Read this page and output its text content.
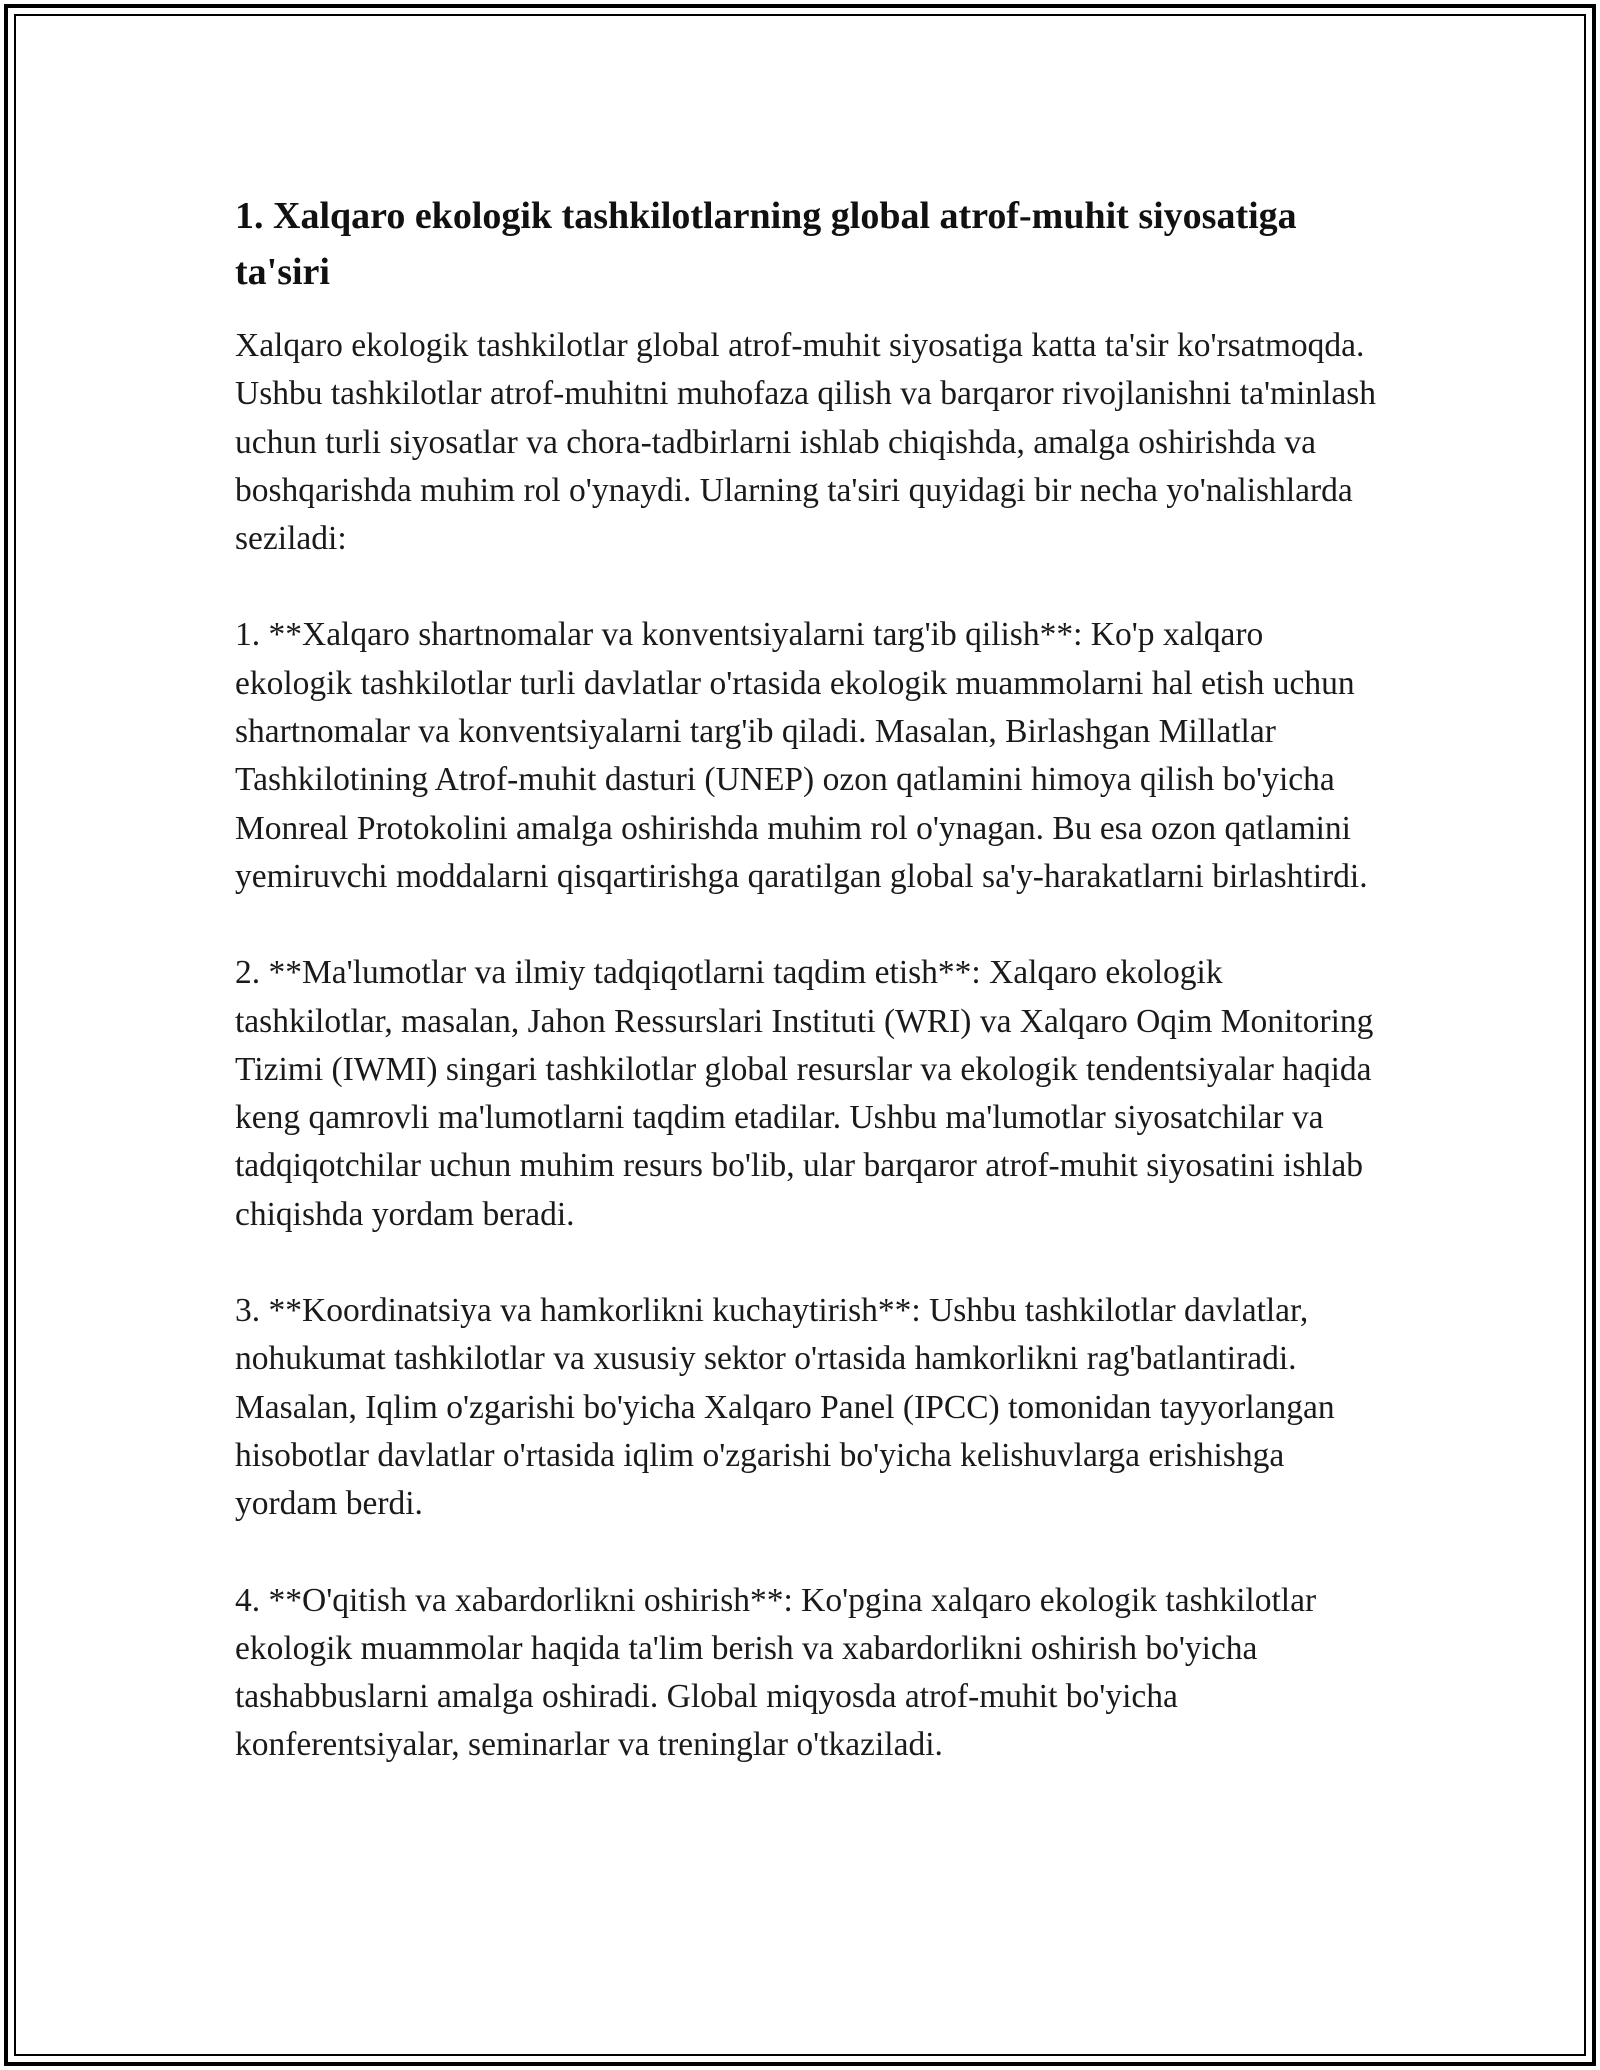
1. Xalqaro ekologik tashkilotlarning global atrof-muhit siyosatiga ta'siri

Xalqaro ekologik tashkilotlar global atrof-muhit siyosatiga katta ta'sir ko'rsatmoqda. Ushbu tashkilotlar atrof-muhitni muhofaza qilish va barqaror rivojlanishni ta'minlash uchun turli siyosatlar va chora-tadbirlarni ishlab chiqishda, amalga oshirishda va boshqarishda muhim rol o'ynaydi. Ularning ta'siri quyidagi bir necha yo'nalishlarda seziladi:

1. **Xalqaro shartnomalar va konventsiyalarni targ'ib qilish**: Ko'p xalqaro ekologik tashkilotlar turli davlatlar o'rtasida ekologik muammolarni hal etish uchun shartnomalar va konventsiyalarni targ'ib qiladi. Masalan, Birlashgan Millatlar Tashkilotining Atrof-muhit dasturi (UNEP) ozon qatlamini himoya qilish bo'yicha Monreal Protokolini amalga oshirishda muhim rol o'ynagan. Bu esa ozon qatlamini yemiruvchi moddalarni qisqartirishga qaratilgan global sa'y-harakatlarni birlashtirdi.

2. **Ma'lumotlar va ilmiy tadqiqotlarni taqdim etish**: Xalqaro ekologik tashkilotlar, masalan, Jahon Ressurslari Instituti (WRI) va Xalqaro Oqim Monitoring Tizimi (IWMI) singari tashkilotlar global resurslar va ekologik tendentsiyalar haqida keng qamrovli ma'lumotlarni taqdim etadilar. Ushbu ma'lumotlar siyosatchilar va tadqiqotchilar uchun muhim resurs bo'lib, ular barqaror atrof-muhit siyosatini ishlab chiqishda yordam beradi.

3. **Koordinatsiya va hamkorlikni kuchaytirish**: Ushbu tashkilotlar davlatlar, nohukumat tashkilotlar va xususiy sektor o'rtasida hamkorlikni rag'batlantiradi. Masalan, Iqlim o'zgarishi bo'yicha Xalqaro Panel (IPCC) tomonidan tayyorlangan hisobotlar davlatlar o'rtasida iqlim o'zgarishi bo'yicha kelishuvlarga erishishga yordam berdi.

4. **O'qitish va xabardorlikni oshirish**: Ko'pgina xalqaro ekologik tashkilotlar ekologik muammolar haqida ta'lim berish va xabardorlikni oshirish bo'yicha tashabbuslarni amalga oshiradi. Global miqyosda atrof-muhit bo'yicha konferentsiyalar, seminarlar va treninglar o'tkaziladi.
